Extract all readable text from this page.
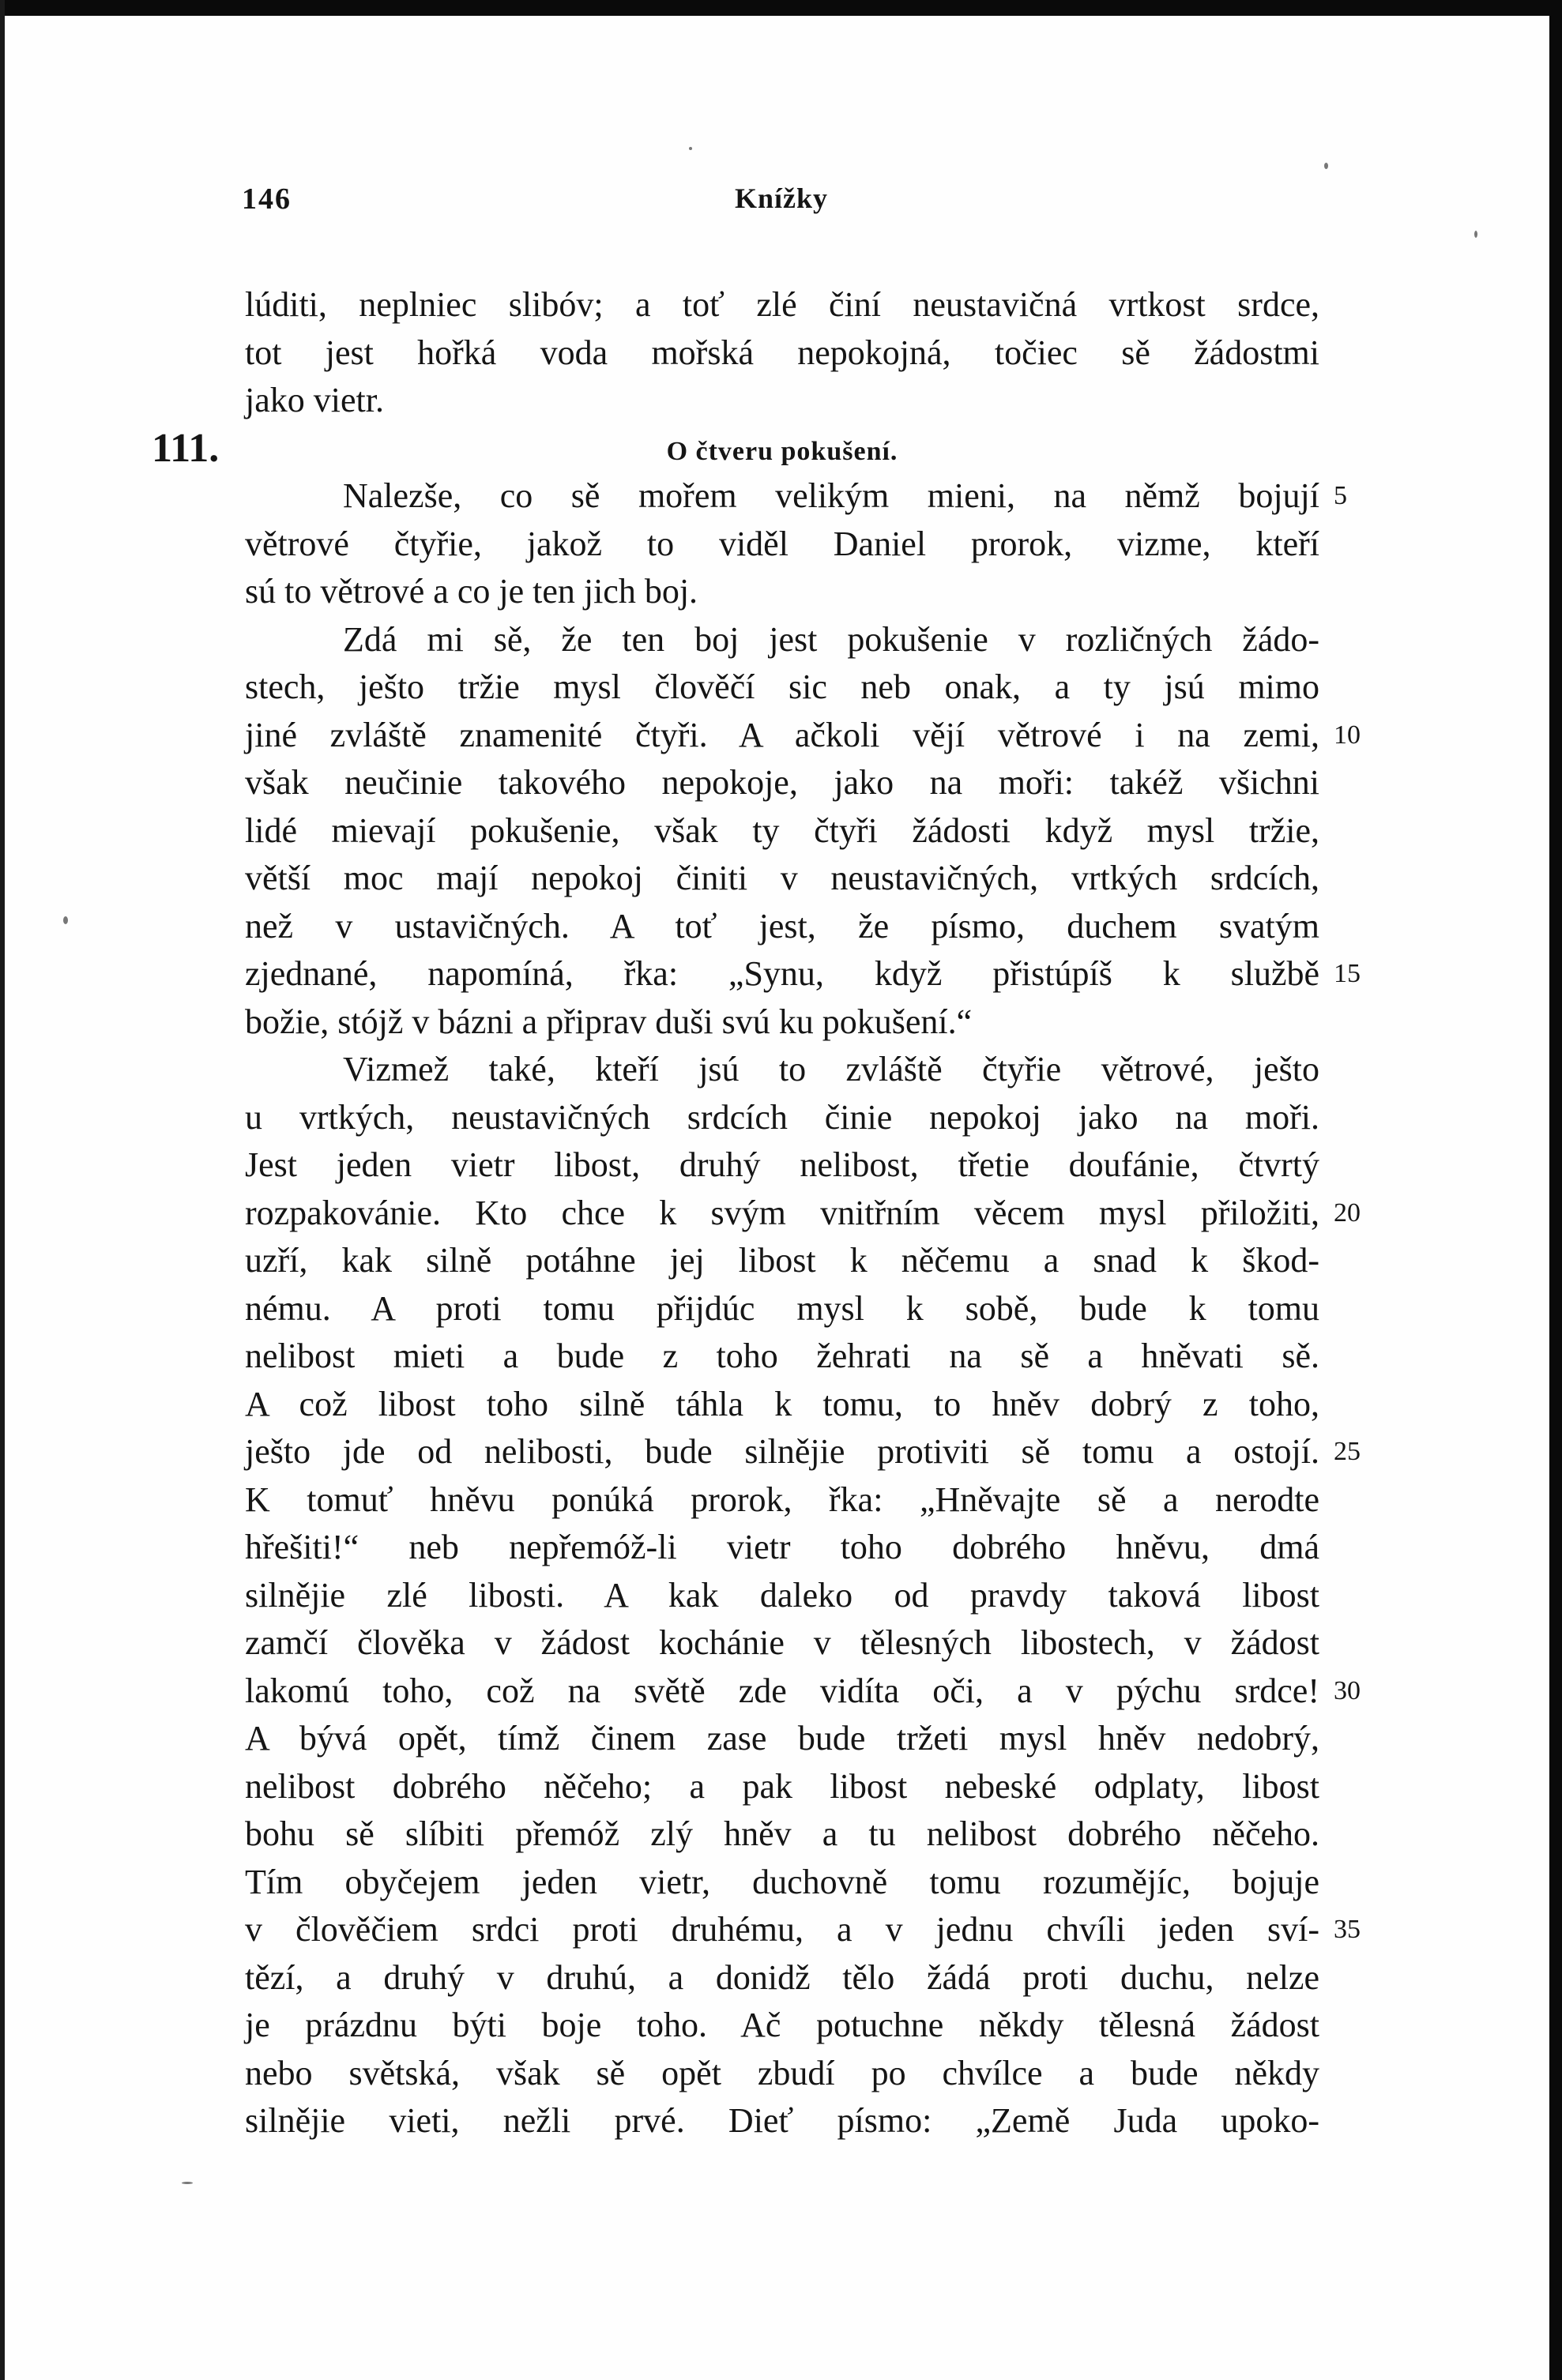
146	Knížky
lúditi, neplniec slibóv; a toť zlé činí neustavičná vrtkost srdce,
tot jest hořká voda mořská nepokojná, točiec sě žádostmi
jako vietr.
111.	O čtveru pokušení.
Nalezše, co sě mořem velikým mieni, na němž bojují 5
větrové čtyřie, jakož to viděl Daniel prorok, vizme, kteří
sú to větrové a co je ten jich boj.
Zdá mi sě, že ten boj jest pokušenie v rozličných žádo-
stech, ješto tržie mysl člověčí sic neb onak, a ty jsú mimo
jiné zvláště znamenité čtyři. A ačkoli vějí větrové i na zemi, 10
však neučinie takového nepokoje, jako na moři: takéž všichni
lidé mievají pokušenie, však ty čtyři žádosti když mysl tržie,
větší moc mají nepokoj činiti v neustavičných, vrtkých srdcích,
než v ustavičných. A toť jest, že písmo, duchem svatým
zjednané, napomíná, řka: „Synu, když přistúpíš k službě 15
božie, stójž v bázni a připrav duši svú ku pokušení.“
Vizmež také, kteří jsú to zvláště čtyřie větrové, ješto
u vrtkých, neustavičných srdcích činie nepokoj jako na moři.
Jest jeden vietr libost, druhý nelibost, třetie doufánie, čtvrtý
rozpakovánie. Kto chce k svým vnitřním věcem mysl přiložiti, 20
uzří, kak silně potáhne jej libost k něčemu a snad k škod-
nému. A proti tomu přijdúc mysl k sobě, bude k tomu
nelibost mieti a bude z toho žehrati na sě a hněvati sě.
A což libost toho silně táhla k tomu, to hněv dobrý z toho,
ješto jde od nelibosti, bude silnějie protiviti sě tomu a ostojí. 25
K tomuť hněvu ponúká prorok, řka: „Hněvajte sě a nerodte
hřešiti!“ neb nepřemóž-li vietr toho dobrého hněvu, dmá
silnějie zlé libosti. A kak daleko od pravdy taková libost
zamčí člověka v žádost kochánie v tělesných libostech, v žádost
lakomú toho, což na světě zde vidíta oči, a v pýchu srdce! 30
A bývá opět, tímž činem zase bude tržeti mysl hněv nedobrý,
nelibost dobrého něčeho; a pak libost nebeské odplaty, libost
bohu sě slíbiti přemóž zlý hněv a tu nelibost dobrého něčeho.
Tím obyčejem jeden vietr, duchovně tomu rozumějíc, bojuje
v člověčiem srdci proti druhému, a v jednu chvíli jeden sví- 35
tězí, a druhý v druhú, a donidž tělo žádá proti duchu, nelze
je prázdnu býti boje toho. Ač potuchne někdy tělesná žádost
nebo světská, však sě opět zbudí po chvílce a bude někdy
silnějie vieti, nežli prvé. Dieť písmo: „Země Juda upoko-
